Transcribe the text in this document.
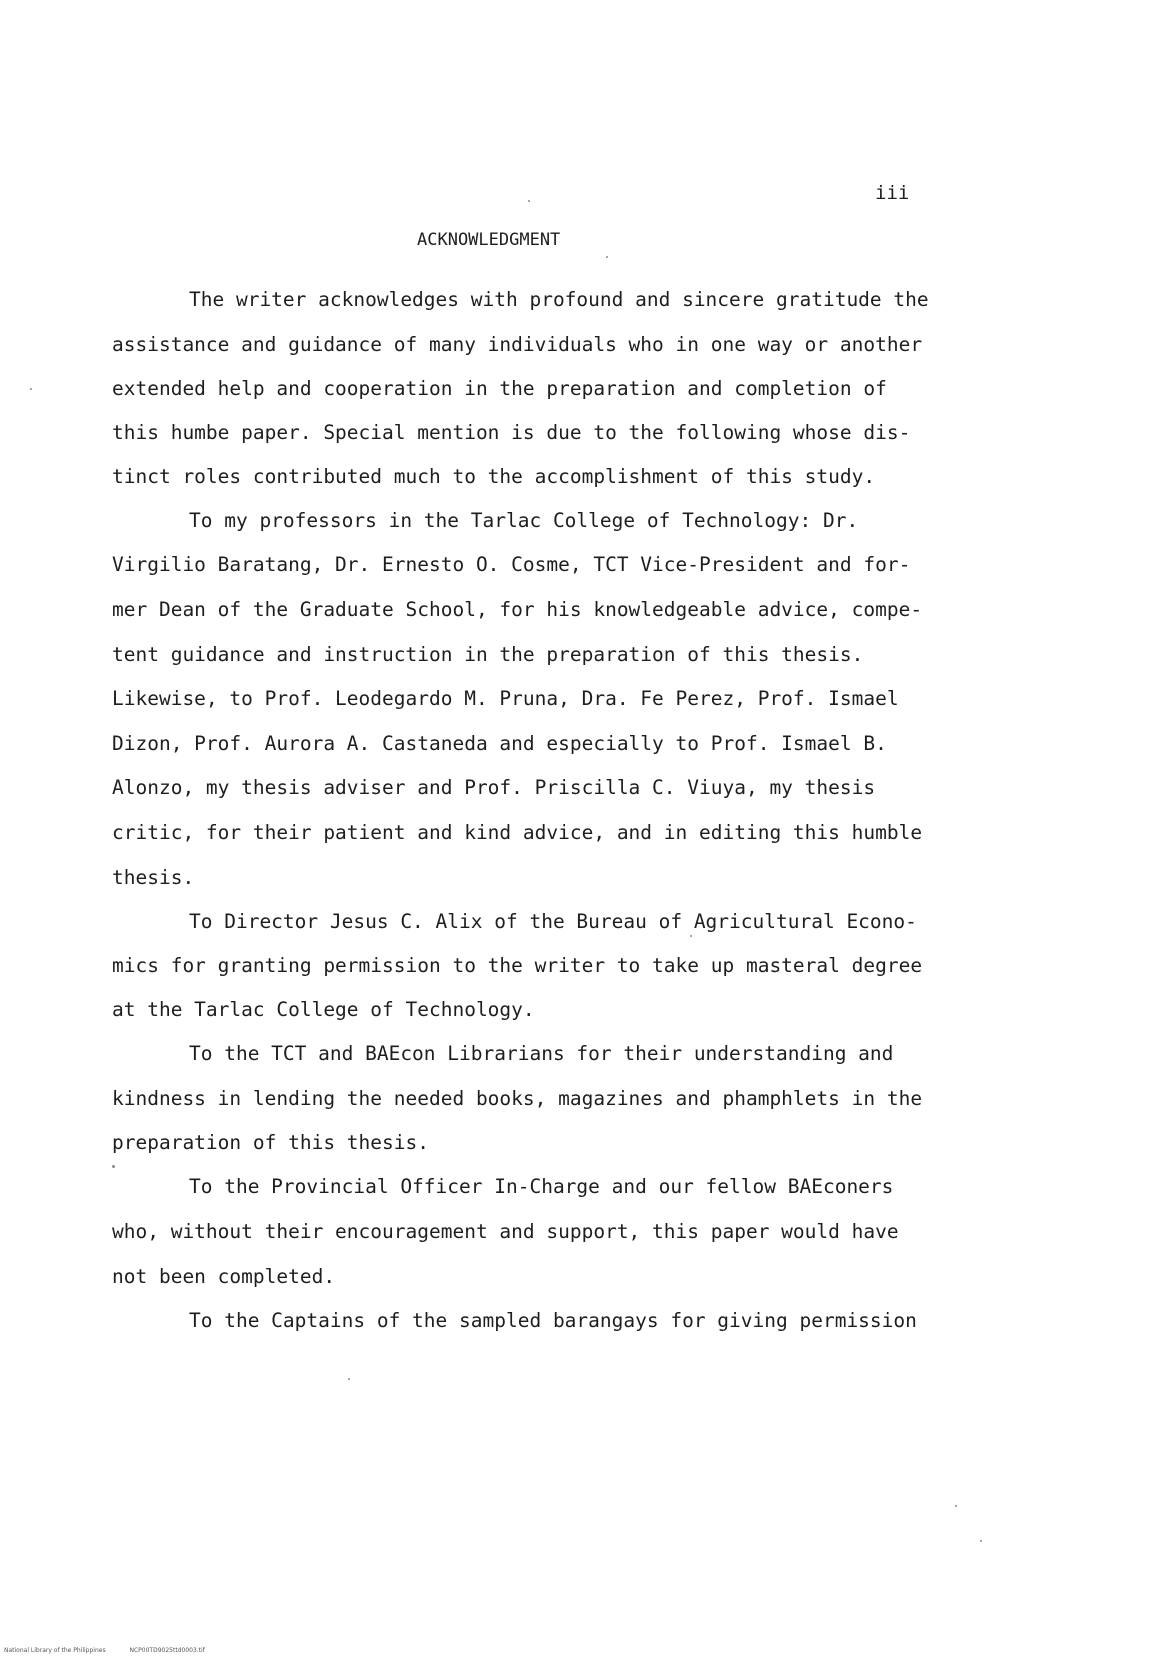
iii
ACKNOWLEDGMENT
The writer acknowledges with profound and sincere gratitude the
assistance and guidance of many individuals who in one way or another
extended help and cooperation in the preparation and completion of
this humbe paper. Special mention is due to the following whose dis-
tinct roles contributed much to the accomplishment of this study.
To my professors in the Tarlac College of Technology: Dr.
Virgilio Baratang, Dr. Ernesto O. Cosme, TCT Vice-President and for-
mer Dean of the Graduate School, for his knowledgeable advice, compe-
tent guidance and instruction in the preparation of this thesis.
Likewise, to Prof. Leodegardo M. Pruna, Dra. Fe Perez, Prof. Ismael
Dizon, Prof. Aurora A. Castaneda and especially to Prof. Ismael B.
Alonzo, my thesis adviser and Prof. Priscilla C. Viuya, my thesis
critic, for their patient and kind advice, and in editing this humble
thesis.
To Director Jesus C. Alix of the Bureau of Agricultural Econo-
mics for granting permission to the writer to take up masteral degree
at the Tarlac College of Technology.
To the TCT and BAEcon Librarians for their understanding and
kindness in lending the needed books, magazines and phamphlets in the
preparation of this thesis.
To the Provincial Officer In-Charge and our fellow BAEconers
who, without their encouragement and support, this paper would have
not been completed.
To the Captains of the sampled barangays for giving permission
National Library of the Philippines	NCP00TD9025ttd0003.tif
